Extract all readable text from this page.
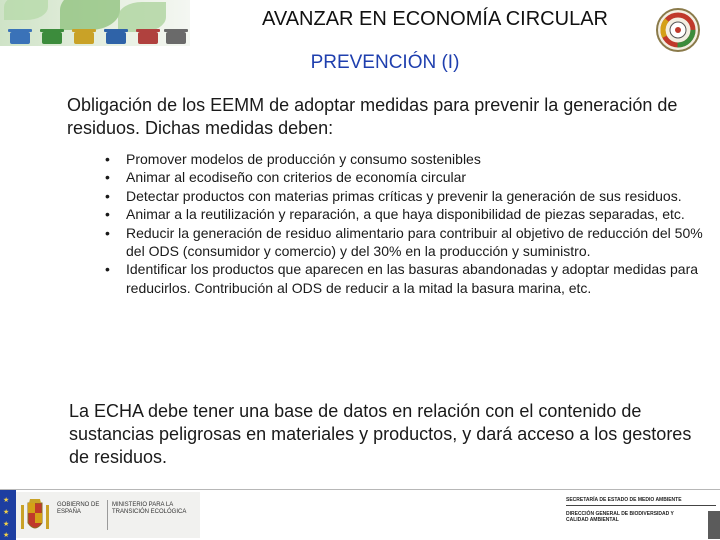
AVANZAR EN ECONOMÍA CIRCULAR
PREVENCIÓN (I)
Obligación de los EEMM de adoptar medidas para prevenir la generación de residuos. Dichas medidas deben:
• Promover modelos de producción y consumo sostenibles
• Animar al ecodiseño con criterios de economía circular
• Detectar productos con materias primas críticas y prevenir la generación de sus residuos.
• Animar a la reutilización y reparación, a que haya disponibilidad de piezas separadas, etc.
• Reducir la generación de residuo alimentario para contribuir al objetivo de reducción del 50% del ODS (consumidor y comercio) y del 30% en la producción y suministro.
• Identificar los productos que aparecen en las basuras abandonadas y adoptar medidas para reducirlos. Contribución al ODS de reducir a la mitad la basura marina, etc.
La ECHA debe tener una base de datos en relación con el contenido de sustancias peligrosas en materiales y productos, y dará acceso a los gestores de residuos.
★
★
★
★
GOBIERNO DE ESPAÑA
MINISTERIO PARA LA TRANSICIÓN ECOLÓGICA
SECRETARÍA DE ESTADO DE MEDIO AMBIENTE
DIRECCIÓN GENERAL DE BIODIVERSIDAD Y CALIDAD AMBIENTAL
